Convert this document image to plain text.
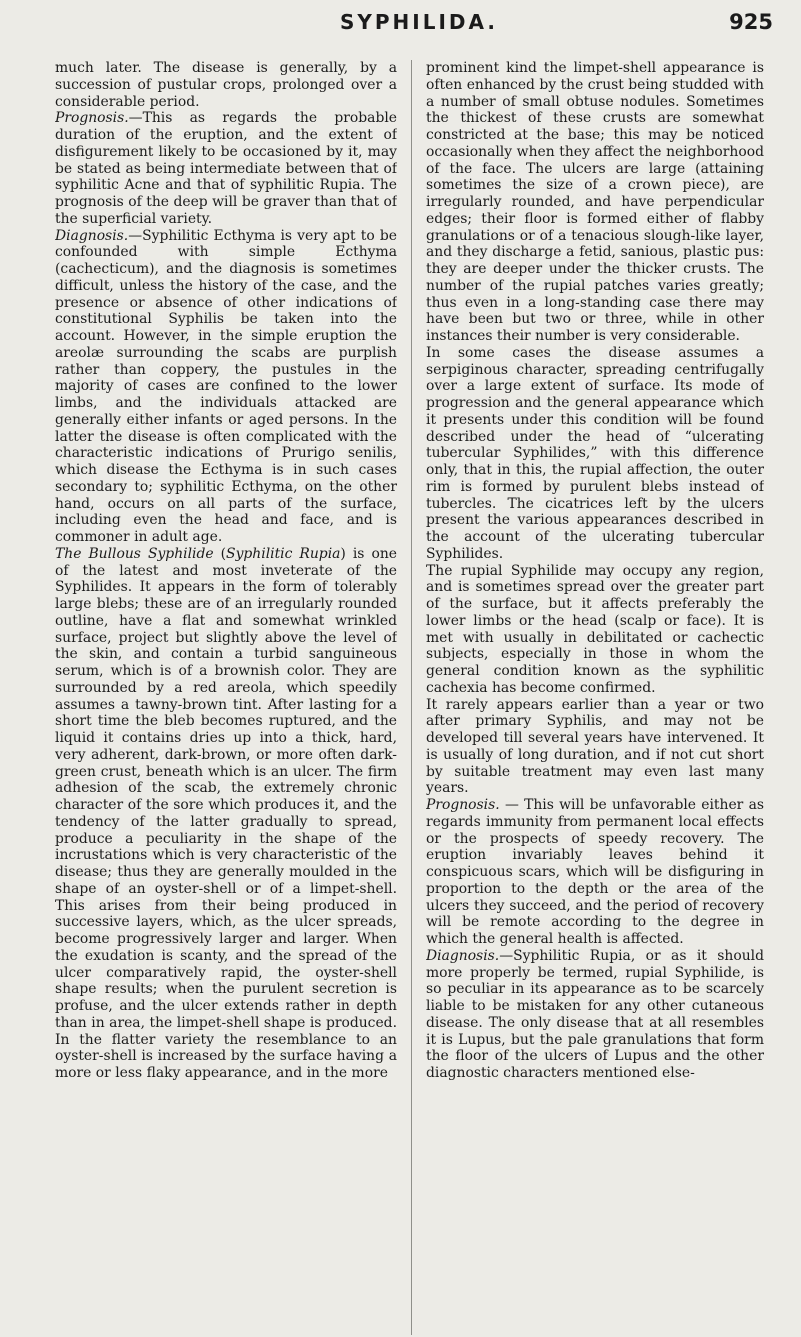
SYPHILIDA.	925

much later. The disease is generally, by a succession of pustular crops, prolonged over a considerable period.

Prognosis.—This as regards the probable duration of the eruption, and the extent of disfigurement likely to be occasioned by it, may be stated as being intermediate between that of syphilitic Acne and that of syphilitic Rupia. The prognosis of the deep will be graver than that of the superficial variety.

Diagnosis.—Syphilitic Ecthyma is very apt to be confounded with simple Ecthyma (cachecticum), and the diagnosis is sometimes difficult, unless the history of the case, and the presence or absence of other indications of constitutional Syphilis be taken into the account. However, in the simple eruption the areolæ surrounding the scabs are purplish rather than coppery, the pustules in the majority of cases are confined to the lower limbs, and the individuals attacked are generally either infants or aged persons. In the latter the disease is often complicated with the characteristic indications of Prurigo senilis, which disease the Ecthyma is in such cases secondary to; syphilitic Ecthyma, on the other hand, occurs on all parts of the surface, including even the head and face, and is commoner in adult age.

The Bullous Syphilide (Syphilitic Rupia) is one of the latest and most inveterate of the Syphilides. It appears in the form of tolerably large blebs; these are of an irregularly rounded outline, have a flat and somewhat wrinkled surface, project but slightly above the level of the skin, and contain a turbid sanguineous serum, which is of a brownish color. They are surrounded by a red areola, which speedily assumes a tawny-brown tint. After lasting for a short time the bleb becomes ruptured, and the liquid it contains dries up into a thick, hard, very adherent, dark-brown, or more often dark-green crust, beneath which is an ulcer. The firm adhesion of the scab, the extremely chronic character of the sore which produces it, and the tendency of the latter gradually to spread, produce a peculiarity in the shape of the incrustations which is very characteristic of the disease; thus they are generally moulded in the shape of an oyster-shell or of a limpet-shell. This arises from their being produced in successive layers, which, as the ulcer spreads, become progressively larger and larger. When the exudation is scanty, and the spread of the ulcer comparatively rapid, the oyster-shell shape results; when the purulent secretion is profuse, and the ulcer extends rather in depth than in area, the limpet-shell shape is produced. In the flatter variety the resemblance to an oyster-shell is increased by the surface having a more or less flaky appearance, and in the more

prominent kind the limpet-shell appearance is often enhanced by the crust being studded with a number of small obtuse nodules. Sometimes the thickest of these crusts are somewhat constricted at the base; this may be noticed occasionally when they affect the neighborhood of the face. The ulcers are large (attaining sometimes the size of a crown piece), are irregularly rounded, and have perpendicular edges; their floor is formed either of flabby granulations or of a tenacious slough-like layer, and they discharge a fetid, sanious, plastic pus: they are deeper under the thicker crusts. The number of the rupial patches varies greatly; thus even in a long-standing case there may have been but two or three, while in other instances their number is very considerable.

In some cases the disease assumes a serpiginous character, spreading centrifugally over a large extent of surface. Its mode of progression and the general appearance which it presents under this condition will be found described under the head of “ulcerating tubercular Syphilides,” with this difference only, that in this, the rupial affection, the outer rim is formed by purulent blebs instead of tubercles. The cicatrices left by the ulcers present the various appearances described in the account of the ulcerating tubercular Syphilides.

The rupial Syphilide may occupy any region, and is sometimes spread over the greater part of the surface, but it affects preferably the lower limbs or the head (scalp or face). It is met with usually in debilitated or cachectic subjects, especially in those in whom the general condition known as the syphilitic cachexia has become confirmed.

It rarely appears earlier than a year or two after primary Syphilis, and may not be developed till several years have intervened. It is usually of long duration, and if not cut short by suitable treatment may even last many years.

Prognosis. — This will be unfavorable either as regards immunity from permanent local effects or the prospects of speedy recovery. The eruption invariably leaves behind it conspicuous scars, which will be disfiguring in proportion to the depth or the area of the ulcers they succeed, and the period of recovery will be remote according to the degree in which the general health is affected.

Diagnosis.—Syphilitic Rupia, or as it should more properly be termed, rupial Syphilide, is so peculiar in its appearance as to be scarcely liable to be mistaken for any other cutaneous disease. The only disease that at all resembles it is Lupus, but the pale granulations that form the floor of the ulcers of Lupus and the other diagnostic characters mentioned else-
